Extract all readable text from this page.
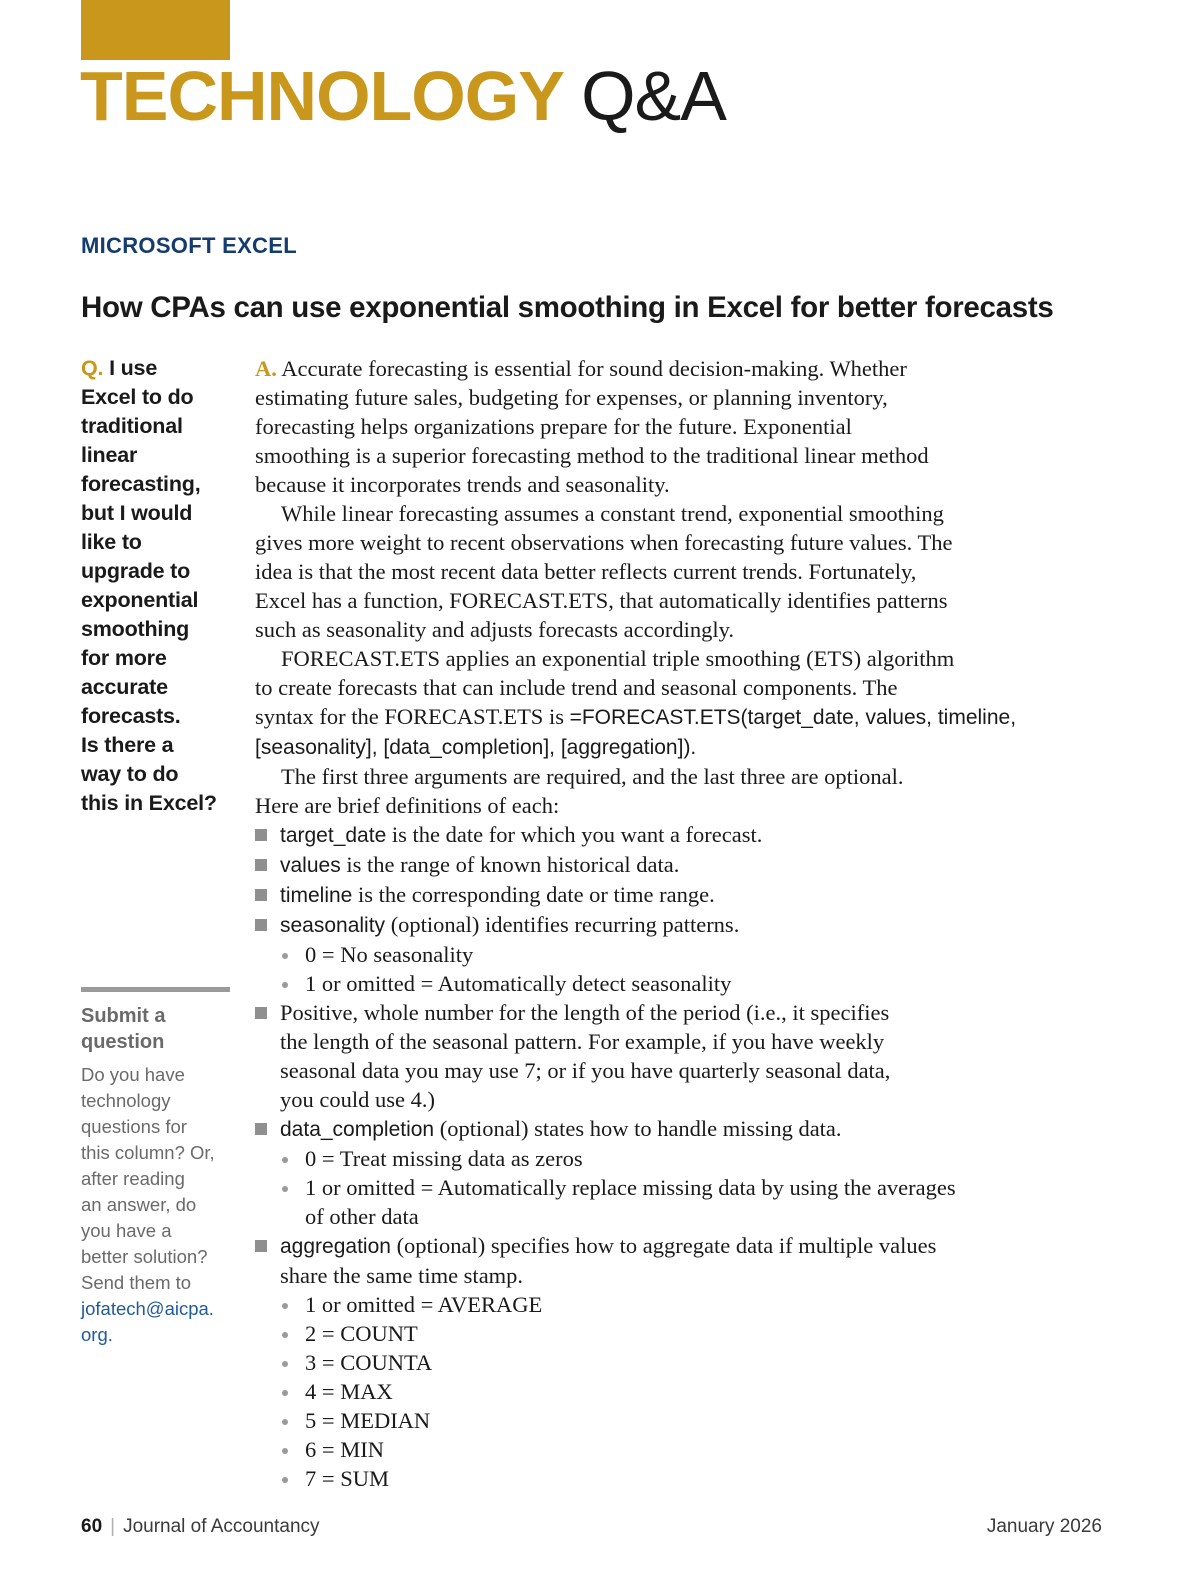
TECHNOLOGY Q&A
MICROSOFT EXCEL
How CPAs can use exponential smoothing in Excel for better forecasts
Q. I use
Excel to do
traditional
linear
forecasting,
but I would
like to
upgrade to
exponential
smoothing
for more
accurate
forecasts.
Is there a
way to do
this in Excel?
Submit a
question
Do you have
technology
questions for
this column? Or,
after reading
an answer, do
you have a
better solution?
Send them to
jofatech@aicpa.
org.

A. Accurate forecasting is essential for sound decision-making. Whether

estimating future sales, budgeting for expenses, or planning inventory,

forecasting helps organizations prepare for the future. Exponential

smoothing is a superior forecasting method to the traditional linear method

because it incorporates trends and seasonality.

While linear forecasting assumes a constant trend, exponential smoothing

gives more weight to recent observations when forecasting future values. The

idea is that the most recent data better reflects current trends. Fortunately,

Excel has a function, FORECAST.ETS, that automatically identifies patterns

such as seasonality and adjusts forecasts accordingly.

FORECAST.ETS applies an exponential triple smoothing (ETS) algorithm

to create forecasts that can include trend and seasonal components. The

syntax for the FORECAST.ETS is =FORECAST.ETS(target_date, values, timeline,

[seasonality], [data_completion], [aggregation]).

The first three arguments are required, and the last three are optional.

Here are brief definitions of each:

target_date is the date for which you want a forecast.
values is the range of known historical data.
timeline is the corresponding date or time range.
seasonality (optional) identifies recurring patterns.
0 = No seasonality
1 or omitted = Automatically detect seasonality
Positive, whole number for the length of the period (i.e., it specifies
the length of the seasonal pattern. For example, if you have weekly
seasonal data you may use 7; or if you have quarterly seasonal data,
you could use 4.)
data_completion (optional) states how to handle missing data.
0 = Treat missing data as zeros
1 or omitted = Automatically replace missing data by using the averages
of other data
aggregation (optional) specifies how to aggregate data if multiple values
share the same time stamp.
1 or omitted = AVERAGE
2 = COUNT
3 = COUNTA
4 = MAX
5 = MEDIAN
6 = MIN
7 = SUM
60 | Journal of Accountancy	January 2026
